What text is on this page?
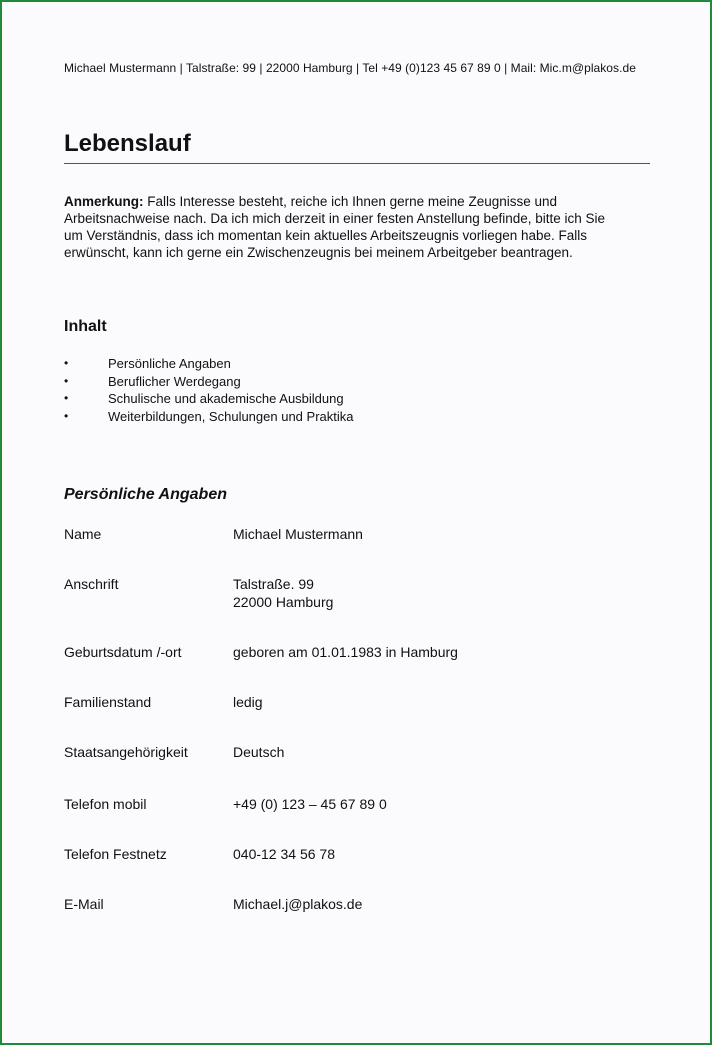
Michael Mustermann | Talstraße: 99 | 22000 Hamburg | Tel +49 (0)123 45 67 89 0 | Mail: Mic.m@plakos.de
Lebenslauf
Anmerkung: Falls Interesse besteht, reiche ich Ihnen gerne meine Zeugnisse und Arbeitsnachweise nach. Da ich mich derzeit in einer festen Anstellung befinde, bitte ich Sie um Verständnis, dass ich momentan kein aktuelles Arbeitszeugnis vorliegen habe. Falls erwünscht, kann ich gerne ein Zwischenzeugnis bei meinem Arbeitgeber beantragen.
Inhalt
•	Persönliche Angaben
•	Beruflicher Werdegang
•	Schulische und akademische Ausbildung
•	Weiterbildungen, Schulungen und Praktika
Persönliche Angaben
Name	Michael Mustermann
Anschrift	Talstraße. 99
22000 Hamburg
Geburtsdatum /-ort	geboren am 01.01.1983 in Hamburg
Familienstand	ledig
Staatsangehörigkeit	Deutsch
Telefon mobil	+49 (0) 123 – 45 67 89 0
Telefon Festnetz	040-12 34 56 78
E-Mail	Michael.j@plakos.de
